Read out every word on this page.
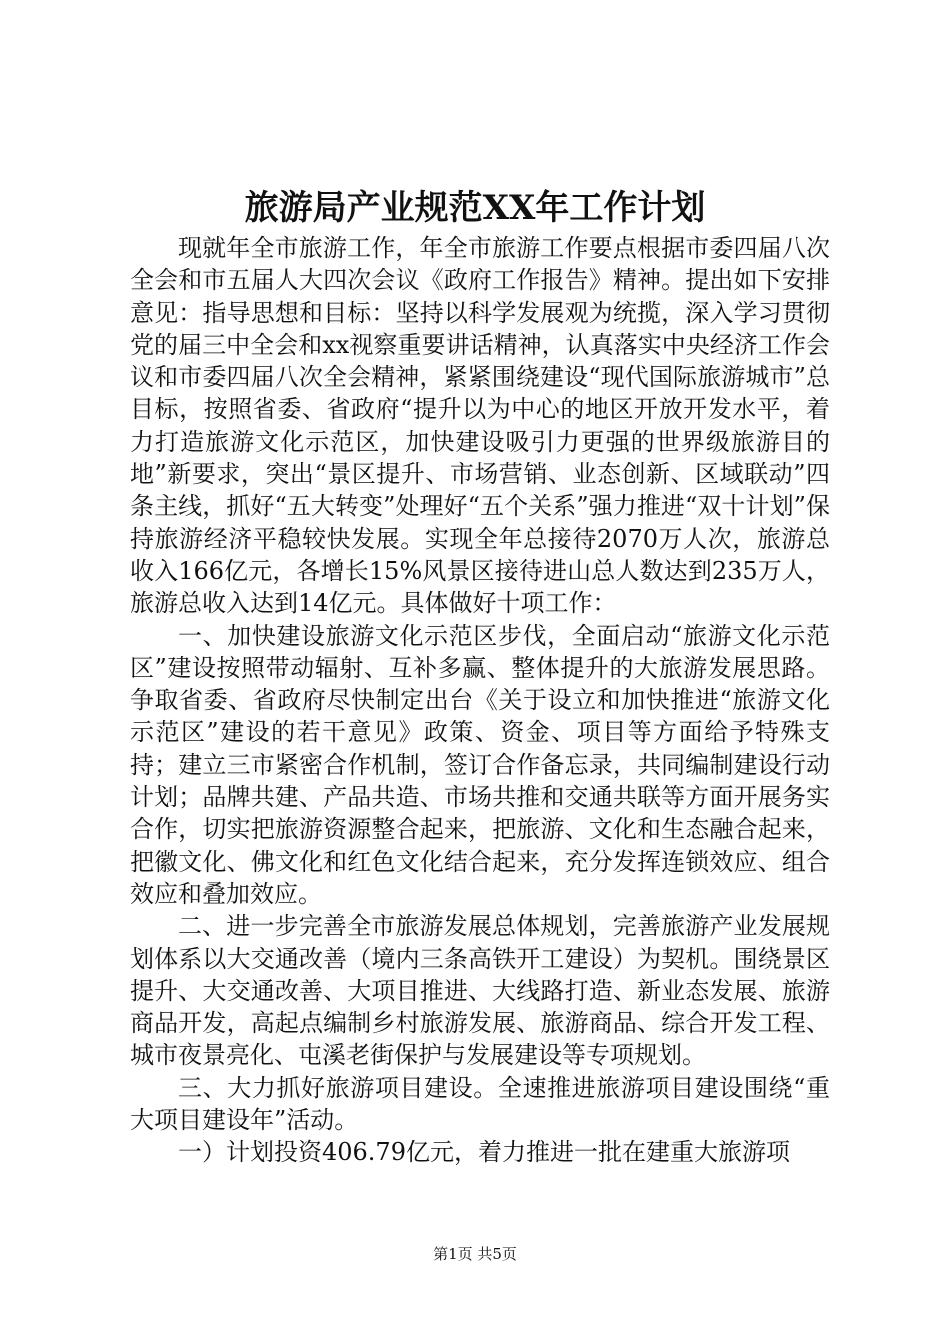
旅游局产业规范XX年工作计划

现就年全市旅游工作，年全市旅游工作要点根据市委四届八次全会和市五届人大四次会议《政府工作报告》精神。提出如下安排意见：指导思想和目标：坚持以科学发展观为统揽，深入学习贯彻党的届三中全会和xx视察重要讲话精神，认真落实中央经济工作会议和市委四届八次全会精神，紧紧围绕建设“现代国际旅游城市”总目标，按照省委、省政府“提升以为中心的地区开放开发水平，着力打造旅游文化示范区，加快建设吸引力更强的世界级旅游目的地”新要求，突出“景区提升、市场营销、业态创新、区域联动”四条主线，抓好“五大转变”处理好“五个关系”强力推进“双十计划”保持旅游经济平稳较快发展。实现全年总接待2070万人次，旅游总收入166亿元，各增长15%风景区接待进山总人数达到235万人，旅游总收入达到14亿元。具体做好十项工作：

一、加快建设旅游文化示范区步伐，全面启动“旅游文化示范区”建设按照带动辐射、互补多赢、整体提升的大旅游发展思路。争取省委、省政府尽快制定出台《关于设立和加快推进“旅游文化示范区”建设的若干意见》政策、资金、项目等方面给予特殊支持；建立三市紧密合作机制，签订合作备忘录，共同编制建设行动计划；品牌共建、产品共造、市场共推和交通共联等方面开展务实合作，切实把旅游资源整合起来，把旅游、文化和生态融合起来，把徽文化、佛文化和红色文化结合起来，充分发挥连锁效应、组合效应和叠加效应。

二、进一步完善全市旅游发展总体规划，完善旅游产业发展规划体系以大交通改善（境内三条高铁开工建设）为契机。围绕景区提升、大交通改善、大项目推进、大线路打造、新业态发展、旅游商品开发，高起点编制乡村旅游发展、旅游商品、综合开发工程、城市夜景亮化、屯溪老街保护与发展建设等专项规划。

三、大力抓好旅游项目建设。全速推进旅游项目建设围绕“重大项目建设年”活动。

一）计划投资406.79亿元，着力推进一批在建重大旅游项

第1页 共5页
